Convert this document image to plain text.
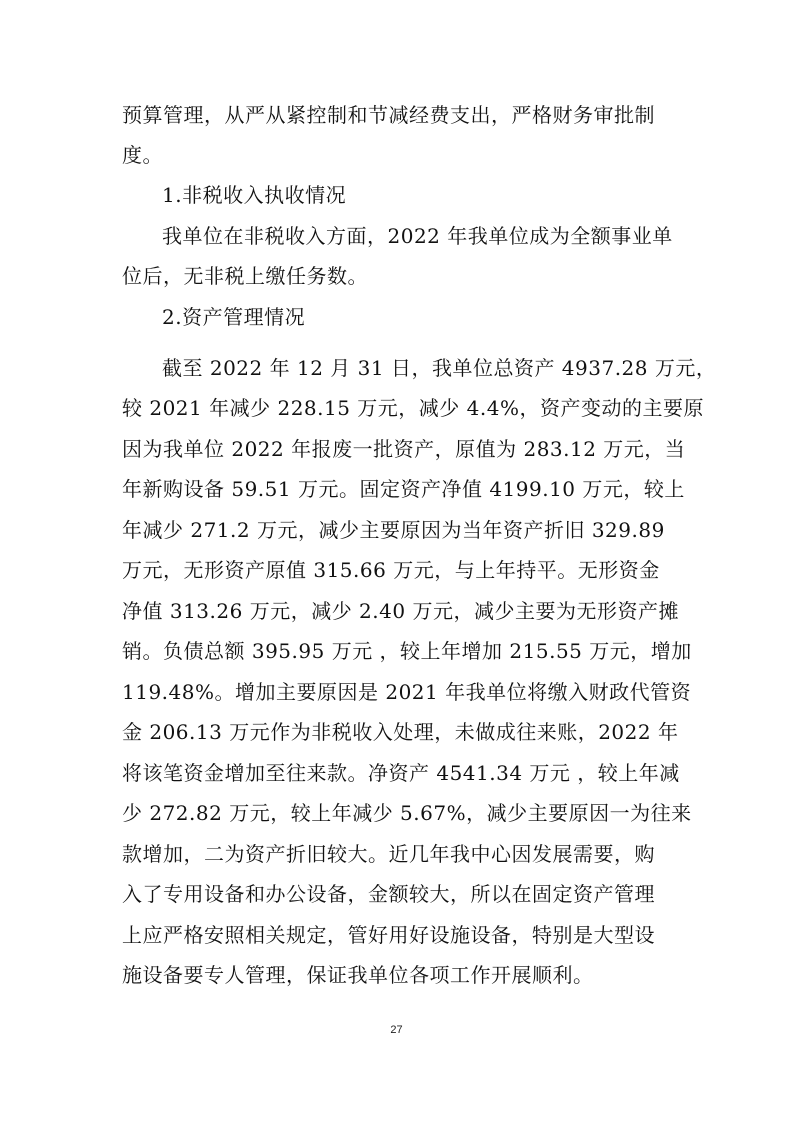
预算管理，从严从紧控制和节减经费支出，严格财务审批制
度。
1.非税收入执收情况
我单位在非税收入方面，2022 年我单位成为全额事业单
位后，无非税上缴任务数。
2.资产管理情况
截至 2022 年 12 月 31 日，我单位总资产 4937.28 万元，
较 2021 年减少 228.15 万元，减少 4.4%，资产变动的主要原
因为我单位 2022 年报废一批资产，原值为 283.12 万元，当
年新购设备 59.51 万元。固定资产净值 4199.10 万元，较上
年减少 271.2 万元，减少主要原因为当年资产折旧 329.89
万元，无形资产原值 315.66 万元，与上年持平。无形资金
净值 313.26 万元，减少 2.40 万元，减少主要为无形资产摊
销。负债总额 395.95 万元 ，较上年增加 215.55 万元，增加
119.48%。增加主要原因是 2021 年我单位将缴入财政代管资
金 206.13 万元作为非税收入处理，未做成往来账，2022 年
将该笔资金增加至往来款。净资产 4541.34 万元 ，较上年减
少 272.82 万元，较上年减少 5.67%，减少主要原因一为往来
款增加，二为资产折旧较大。近几年我中心因发展需要，购
入了专用设备和办公设备，金额较大，所以在固定资产管理
上应严格安照相关规定，管好用好设施设备，特别是大型设
施设备要专人管理，保证我单位各项工作开展顺利。
27
